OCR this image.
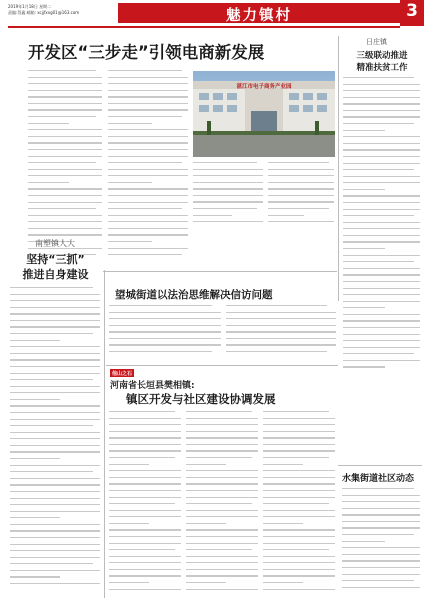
2019年1月18日 星期二
责编:蔡鑫 邮箱: xcjjfxxg01@163.com	魅力镇村	3
开发区“三步走”引领电商新发展
湛江市电子商务产业园
日庄镇
三级联动推进
精准扶贫工作
南塑镇人大
坚持“三抓”
推进自身建设
望城街道以法治思维解决信访问题
他山之石
河南省长垣县樊相镇:
镇区开发与社区建设协调发展
水集街道社区动态
